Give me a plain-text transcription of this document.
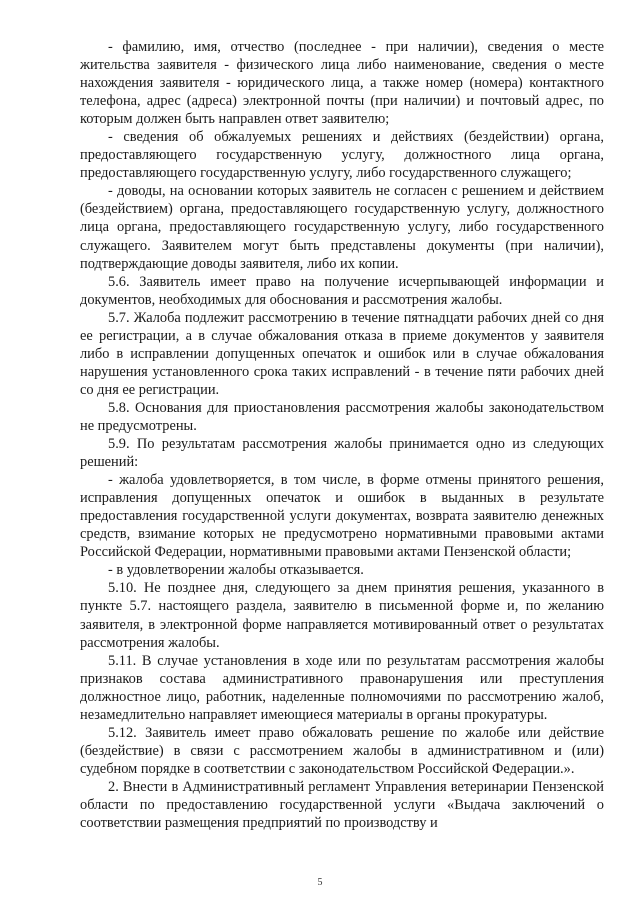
- фамилию, имя, отчество (последнее - при наличии), сведения о месте жительства заявителя - физического лица либо наименование, сведения о месте нахождения заявителя - юридического лица, а также номер (номера) контактного телефона, адрес (адреса) электронной почты (при наличии) и почтовый адрес, по которым должен быть направлен ответ заявителю;

- сведения об обжалуемых решениях и действиях (бездействии) органа, предоставляющего государственную услугу, должностного лица органа, предоставляющего государственную услугу, либо государственного служащего;

- доводы, на основании которых заявитель не согласен с решением и действием (бездействием) органа, предоставляющего государственную услугу, должностного лица органа, предоставляющего государственную услугу, либо государственного служащего. Заявителем могут быть представлены документы (при наличии), подтверждающие доводы заявителя, либо их копии.

5.6. Заявитель имеет право на получение исчерпывающей информации и документов, необходимых для обоснования и рассмотрения жалобы.

5.7. Жалоба подлежит рассмотрению в течение пятнадцати рабочих дней со дня ее регистрации, а в случае обжалования отказа в приеме документов у заявителя либо в исправлении допущенных опечаток и ошибок или в случае обжалования нарушения установленного срока таких исправлений - в течение пяти рабочих дней со дня ее регистрации.

5.8. Основания для приостановления рассмотрения жалобы законодательством не предусмотрены.

5.9. По результатам рассмотрения жалобы принимается одно из следующих решений:

- жалоба удовлетворяется, в том числе, в форме отмены принятого решения, исправления допущенных опечаток и ошибок в выданных в результате предоставления государственной услуги документах, возврата заявителю денежных средств, взимание которых не предусмотрено нормативными правовыми актами Российской Федерации, нормативными правовыми актами Пензенской области;

- в удовлетворении жалобы отказывается.

5.10. Не позднее дня, следующего за днем принятия решения, указанного в пункте 5.7. настоящего раздела, заявителю в письменной форме и, по желанию заявителя, в электронной форме направляется мотивированный ответ о результатах рассмотрения жалобы.

5.11. В случае установления в ходе или по результатам рассмотрения жалобы признаков состава административного правонарушения или преступления должностное лицо, работник, наделенные полномочиями по рассмотрению жалоб, незамедлительно направляет имеющиеся материалы в органы прокуратуры.

5.12. Заявитель имеет право обжаловать решение по жалобе или действие (бездействие) в связи с рассмотрением жалобы в административном и (или) судебном порядке в соответствии с законодательством Российской Федерации.».

2. Внести в Административный регламент Управления ветеринарии Пензенской области по предоставлению государственной услуги «Выдача заключений о соответствии размещения предприятий по производству и

5
